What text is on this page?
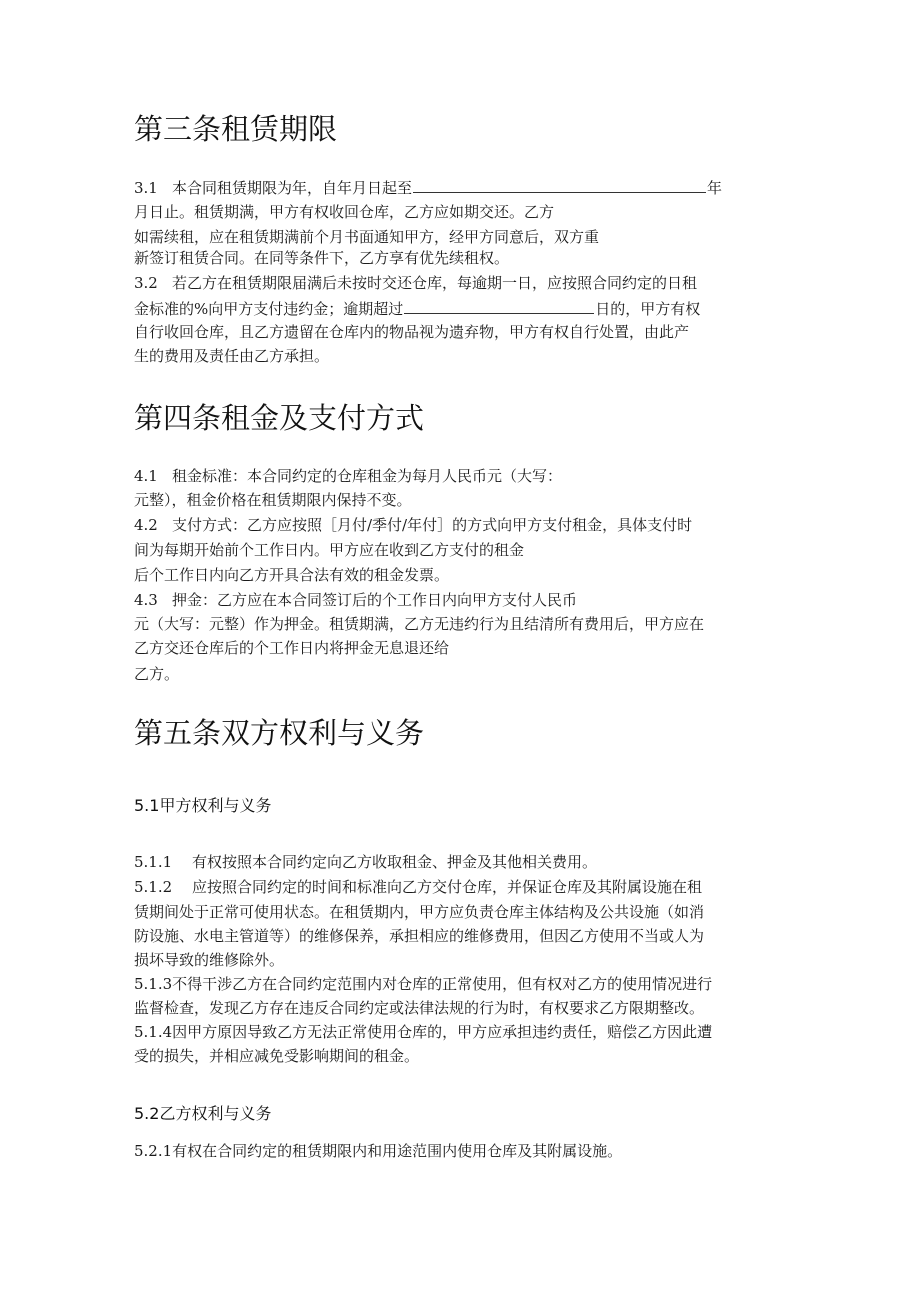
第三条租赁期限
3.1 本合同租赁期限为年，自年月日起至	年
月日止。租赁期满，甲方有权收回仓库，乙方应如期交还。乙方
如需续租，应在租赁期满前个月书面通知甲方，经甲方同意后，双方重
新签订租赁合同。在同等条件下，乙方享有优先续租权。
3.2 若乙方在租赁期限届满后未按时交还仓库，每逾期一日，应按照合同约定的日租
金标准的%向甲方支付违约金；逾期超过	日的，甲方有权
自行收回仓库，且乙方遗留在仓库内的物品视为遗弃物，甲方有权自行处置，由此产
生的费用及责任由乙方承担。
第四条租金及支付方式
4.1 租金标准：本合同约定的仓库租金为每月人民币元（大写：
元整），租金价格在租赁期限内保持不变。
4.2 支付方式：乙方应按照［月付/季付/年付］的方式向甲方支付租金，具体支付时
间为每期开始前个工作日内。甲方应在收到乙方支付的租金
后个工作日内向乙方开具合法有效的租金发票。
4.3 押金：乙方应在本合同签订后的个工作日内向甲方支付人民币
元（大写：元整）作为押金。租赁期满，乙方无违约行为且结清所有费用后，甲方应在
乙方交还仓库后的个工作日内将押金无息退还给
乙方。
第五条双方权利与义务
5.1甲方权利与义务
5.1.1 有权按照本合同约定向乙方收取租金、押金及其他相关费用。
5.1.2 应按照合同约定的时间和标准向乙方交付仓库，并保证仓库及其附属设施在租
赁期间处于正常可使用状态。在租赁期内，甲方应负责仓库主体结构及公共设施（如消
防设施、水电主管道等）的维修保养，承担相应的维修费用，但因乙方使用不当或人为
损坏导致的维修除外。
5.1.3不得干涉乙方在合同约定范围内对仓库的正常使用，但有权对乙方的使用情况进行
监督检查，发现乙方存在违反合同约定或法律法规的行为时，有权要求乙方限期整改。
5.1.4因甲方原因导致乙方无法正常使用仓库的，甲方应承担违约责任，赔偿乙方因此遭
受的损失，并相应减免受影响期间的租金。
5.2乙方权利与义务
5.2.1有权在合同约定的租赁期限内和用途范围内使用仓库及其附属设施。
